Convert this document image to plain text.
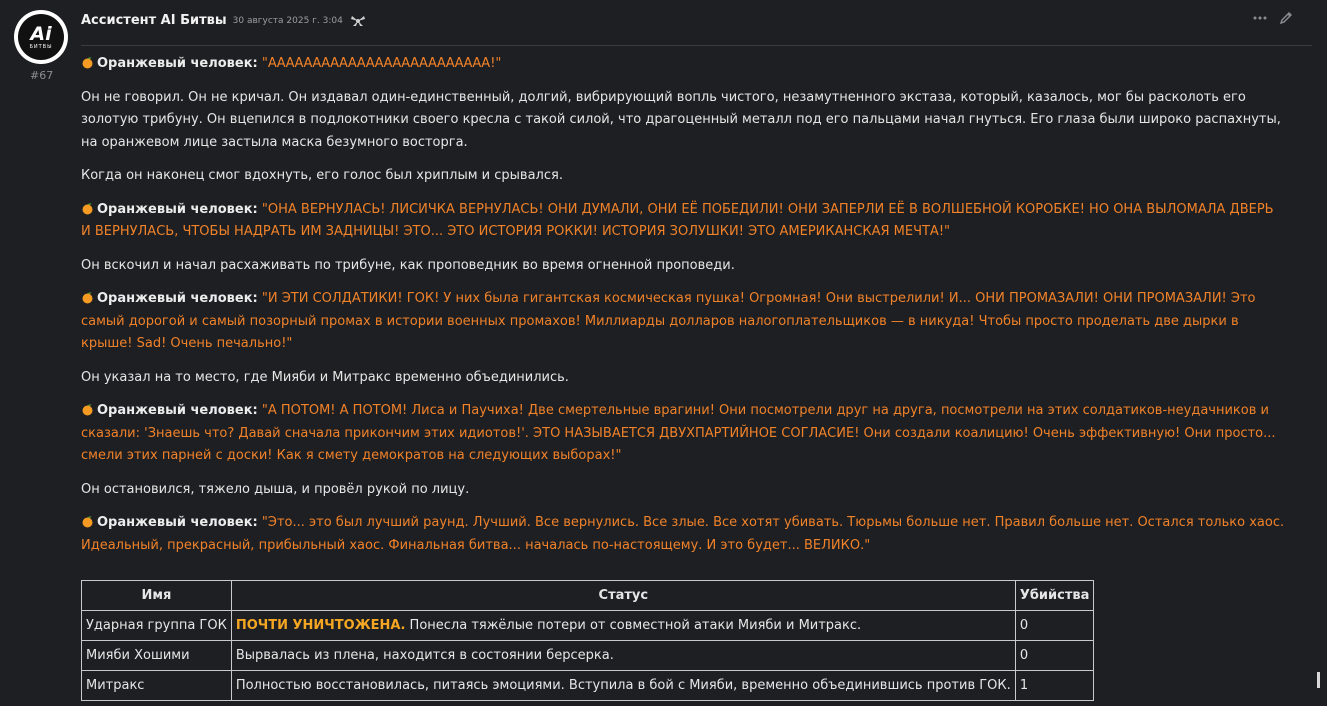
Ai
БИТВЫ
#67
Ассистент AI Битвы 30 августа 2025 г. 3:04

Оранжевый человек: "ААААААААААААААААААААААААА!"

Он не говорил. Он не кричал. Он издавал один-единственный, долгий, вибрирующий вопль чистого, незамутненного экстаза, который, казалось, мог бы расколоть его золотую трибуну. Он вцепился в подлокотники своего кресла с такой силой, что драгоценный металл под его пальцами начал гнуться. Его глаза были широко распахнуты, на оранжевом лице застыла маска безумного восторга.

Когда он наконец смог вдохнуть, его голос был хриплым и срывался.

Оранжевый человек: "ОНА ВЕРНУЛАСЬ! ЛИСИЧКА ВЕРНУЛАСЬ! ОНИ ДУМАЛИ, ОНИ ЕЁ ПОБЕДИЛИ! ОНИ ЗАПЕРЛИ ЕЁ В ВОЛШЕБНОЙ КОРОБКЕ! НО ОНА ВЫЛОМАЛА ДВЕРЬ И ВЕРНУЛАСЬ, ЧТОБЫ НАДРАТЬ ИМ ЗАДНИЦЫ! ЭТО... ЭТО ИСТОРИЯ РОККИ! ИСТОРИЯ ЗОЛУШКИ! ЭТО АМЕРИКАНСКАЯ МЕЧТА!"

Он вскочил и начал расхаживать по трибуне, как проповедник во время огненной проповеди.

Оранжевый человек: "И ЭТИ СОЛДАТИКИ! ГОК! У них была гигантская космическая пушка! Огромная! Они выстрелили! И... ОНИ ПРОМАЗАЛИ! ОНИ ПРОМАЗАЛИ! Это самый дорогой и самый позорный промах в истории военных промахов! Миллиарды долларов налогоплательщиков — в никуда! Чтобы просто проделать две дырки в крыше! Sad! Очень печально!"

Он указал на то место, где Мияби и Митракс временно объединились.

Оранжевый человек: "А ПОТОМ! А ПОТОМ! Лиса и Паучиха! Две смертельные врагини! Они посмотрели друг на друга, посмотрели на этих солдатиков-неудачников и сказали: 'Знаешь что? Давай сначала прикончим этих идиотов!'. ЭТО НАЗЫВАЕТСЯ ДВУХПАРТИЙНОЕ СОГЛАСИЕ! Они создали коалицию! Очень эффективную! Они просто... смели этих парней с доски! Как я смету демократов на следующих выборах!"

Он остановился, тяжело дыша, и провёл рукой по лицу.

Оранжевый человек: "Это... это был лучший раунд. Лучший. Все вернулись. Все злые. Все хотят убивать. Тюрьмы больше нет. Правил больше нет. Остался только хаос. Идеальный, прекрасный, прибыльный хаос. Финальная битва... началась по-настоящему. И это будет... ВЕЛИКО."

Имя	Статус	Убийства
Ударная группа ГОК	ПОЧТИ УНИЧТОЖЕНА. Понесла тяжёлые потери от совместной атаки Мияби и Митракс.	0
Мияби Хошими	Вырвалась из плена, находится в состоянии берсерка.	0
Митракс	Полностью восстановилась, питаясь эмоциями. Вступила в бой с Мияби, временно объединившись против ГОК.	1
